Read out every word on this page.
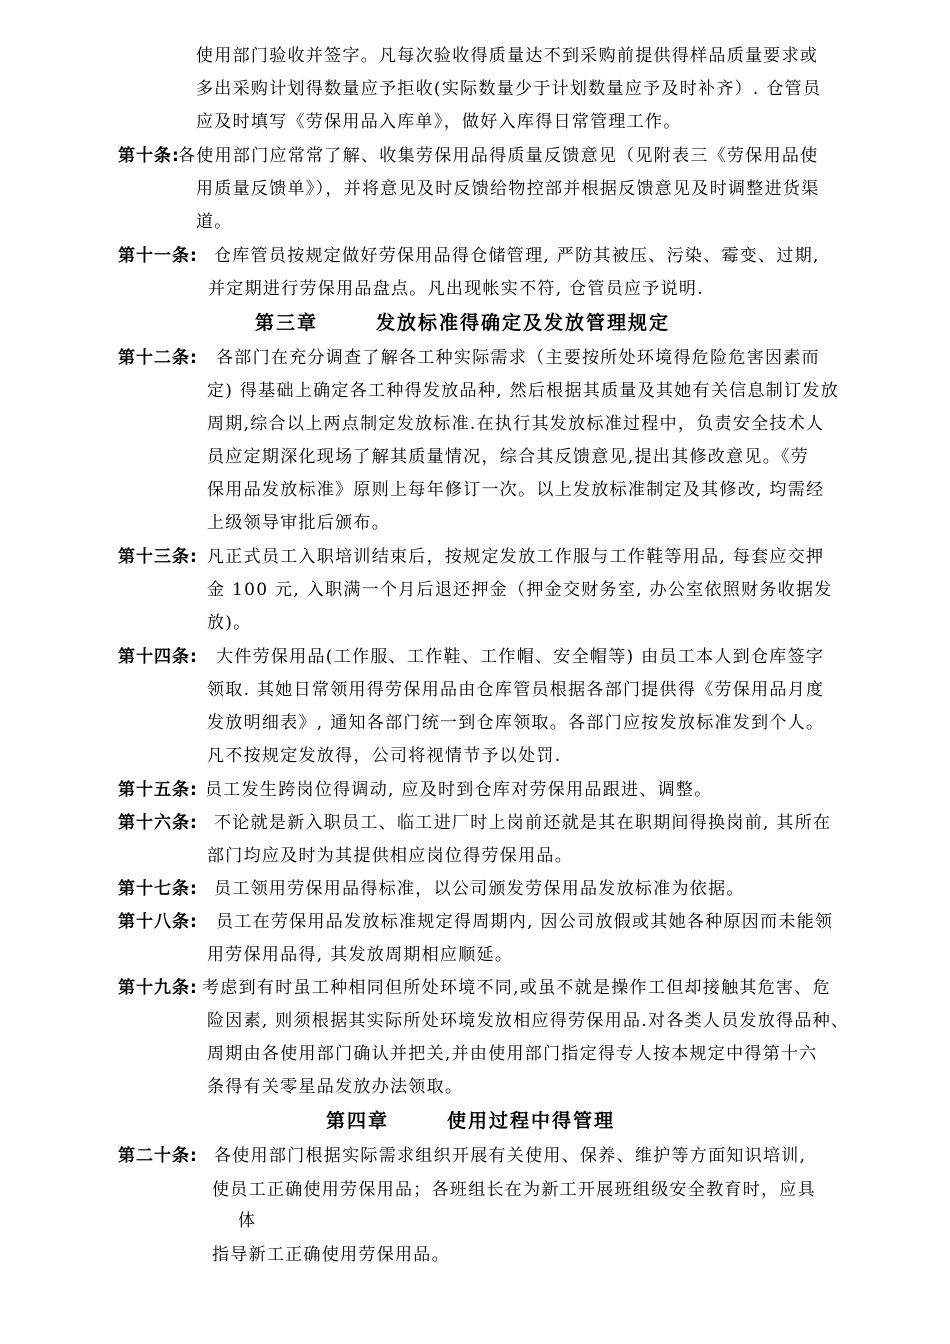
使用部门验收并签字。凡每次验收得质量达不到采购前提供得样品质量要求或
多出采购计划得数量应予拒收(实际数量少于计划数量应予及时补齐）. 仓管员
应及时填写《劳保用品入库单》，做好入库得日常管理工作。
第十条:
各使用部门应常常了解、收集劳保用品得质量反馈意见（见附表三《劳保用品使
用质量反馈单》），并将意见及时反馈给物控部并根据反馈意见及时调整进货渠
道。
第十一条: 仓库管员按规定做好劳保用品得仓储管理, 严防其被压、污染、霉变、过期,
并定期进行劳保用品盘点。凡出现帐实不符, 仓管员应予说明.
第三章	发放标准得确定及发放管理规定
第十二条: 各部门在充分调查了解各工种实际需求（主要按所处环境得危险危害因素而
定) 得基础上确定各工种得发放品种, 然后根据其质量及其她有关信息制订发放
周期,综合以上两点制定发放标准.在执行其发放标准过程中，负责安全技术人
员应定期深化现场了解其质量情况，综合其反馈意见,提出其修改意见。《劳
保用品发放标准》原则上每年修订一次。以上发放标准制定及其修改, 均需经
上级领导审批后颁布。
第十三条: 凡正式员工入职培训结束后，按规定发放工作服与工作鞋等用品, 每套应交押
金 100 元, 入职满一个月后退还押金（押金交财务室, 办公室依照财务收据发
放)。
第十四条: 大件劳保用品(工作服、工作鞋、工作帽、安全帽等) 由员工本人到仓库签字
领取. 其她日常领用得劳保用品由仓库管员根据各部门提供得《劳保用品月度
发放明细表》, 通知各部门统一到仓库领取。各部门应按发放标准发到个人。
凡不按规定发放得，公司将视情节予以处罚.
第十五条: 员工发生跨岗位得调动, 应及时到仓库对劳保用品跟进、调整。
第十六条: 不论就是新入职员工、临工进厂时上岗前还就是其在职期间得换岗前, 其所在
部门均应及时为其提供相应岗位得劳保用品。
第十七条: 员工领用劳保用品得标准，以公司颁发劳保用品发放标准为依据。
第十八条: 员工在劳保用品发放标准规定得周期内, 因公司放假或其她各种原因而未能领
用劳保用品得, 其发放周期相应顺延。
第十九条: 考虑到有时虽工种相同但所处环境不同,或虽不就是操作工但却接触其危害、危
险因素, 则须根据其实际所处环境发放相应得劳保用品.对各类人员发放得品种、
周期由各使用部门确认并把关,并由使用部门指定得专人按本规定中得第十六
条得有关零星品发放办法领取。
第四章	使用过程中得管理
第二十条: 各使用部门根据实际需求组织开展有关使用、保养、维护等方面知识培训,
使员工正确使用劳保用品；各班组长在为新工开展班组级安全教育时，应具
体
指导新工正确使用劳保用品。
